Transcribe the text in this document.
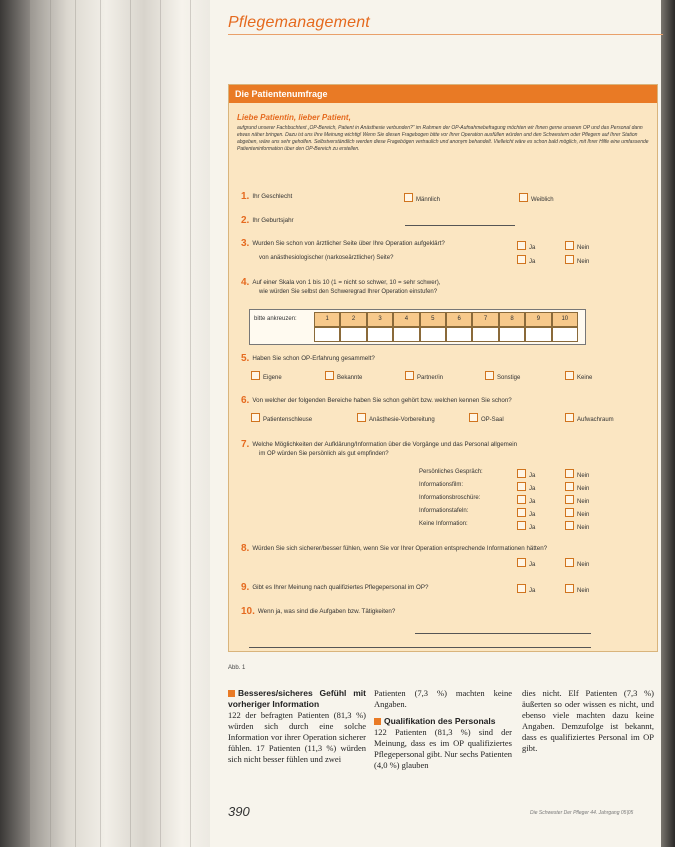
Pflegemanagement
Die Patientenumfrage
Liebe Patientin, lieber Patient,
aufgrund unserer Fachbuchtext „OP-Bereich, Patient in Anästhesie verbunden?“ im Rahmen der OP-Aufnahmebefragung möchten wir Ihnen gerne unseren OP und das Personal dann etwas näher bringen. Dazu ist uns Ihre Meinung wichtig! Wenn Sie diesen Fragebogen bitte vor Ihrer Operation ausfüllen würden und den Schwestern oder Pflegern auf Ihrer Station abgeben, wäre uns sehr geholfen. Selbstverständlich werden diese Fragebögen vertraulich und anonym behandelt. Vielleicht wäre es schon bald möglich, mit Ihrer Hilfe eine umfassende Patienteninformation über den OP-Bereich zu erstellen.
1. Ihr Geschlecht	Männlich	Weiblich
2. Ihr Geburtsjahr
3. Wurden Sie schon von ärztlicher Seite über Ihre Operation aufgeklärt?
von anästhesiologischer (narkoseärztlicher) Seite?
Ja	Nein
Ja	Nein
4. Auf einer Skala von 1 bis 10 (1 = nicht so schwer, 10 = sehr schwer),
wie würden Sie selbst den Schweregrad Ihrer Operation einstufen?
bitte ankreuzen:	1	2	3	4	5	6	7	8	9	10
5. Haben Sie schon OP-Erfahrung gesammelt?
Eigene	Bekannte	Partner/in	Sonstige	Keine
6. Von welcher der folgenden Bereiche haben Sie schon gehört bzw. welchen kennen Sie schon?
Patientenschleuse	Anästhesie-Vorbereitung	OP-Saal	Aufwachraum
7. Welche Möglichkeiten der Aufklärung/Information über die Vorgänge und das Personal allgemein
im OP würden Sie persönlich als gut empfinden?
Persönliches Gespräch:
Ja	Nein
Informationsfilm:
Ja	Nein
Informationsbroschüre:
Ja	Nein
Informationstafeln:
Ja	Nein
Keine Information:
Ja	Nein
8. Würden Sie sich sicherer/besser fühlen, wenn Sie vor Ihrer Operation entsprechende Informationen hätten?
Ja	Nein
9. Gibt es Ihrer Meinung nach qualifiziertes Pflegepersonal im OP?	Ja	Nein
10. Wenn ja, was sind die Aufgaben bzw. Tätigkeiten?
Abb. 1
Besseres/sicheres Gefühl mit vorheriger Information
122 der befragten Patienten (81,3 %) würden sich durch eine solche Information vor ihrer Operation sicherer fühlen. 17 Patienten (11,3 %) würden sich nicht besser fühlen und zwei
Patienten (7,3 %) machten keine Angaben.
Qualifikation des Personals
122 Patienten (81,3 %) sind der Meinung, dass es im OP qualifiziertes Pflegepersonal gibt. Nur sechs Patienten (4,0 %) glauben
dies nicht. Elf Patienten (7,3 %) äußerten so oder wissen es nicht, und ebenso viele machten dazu keine Angaben. Demzufolge ist bekannt, dass es qualifiziertes Personal im OP gibt.
390	Die Schwester Der Pfleger 44. Jahrgang 05|05
